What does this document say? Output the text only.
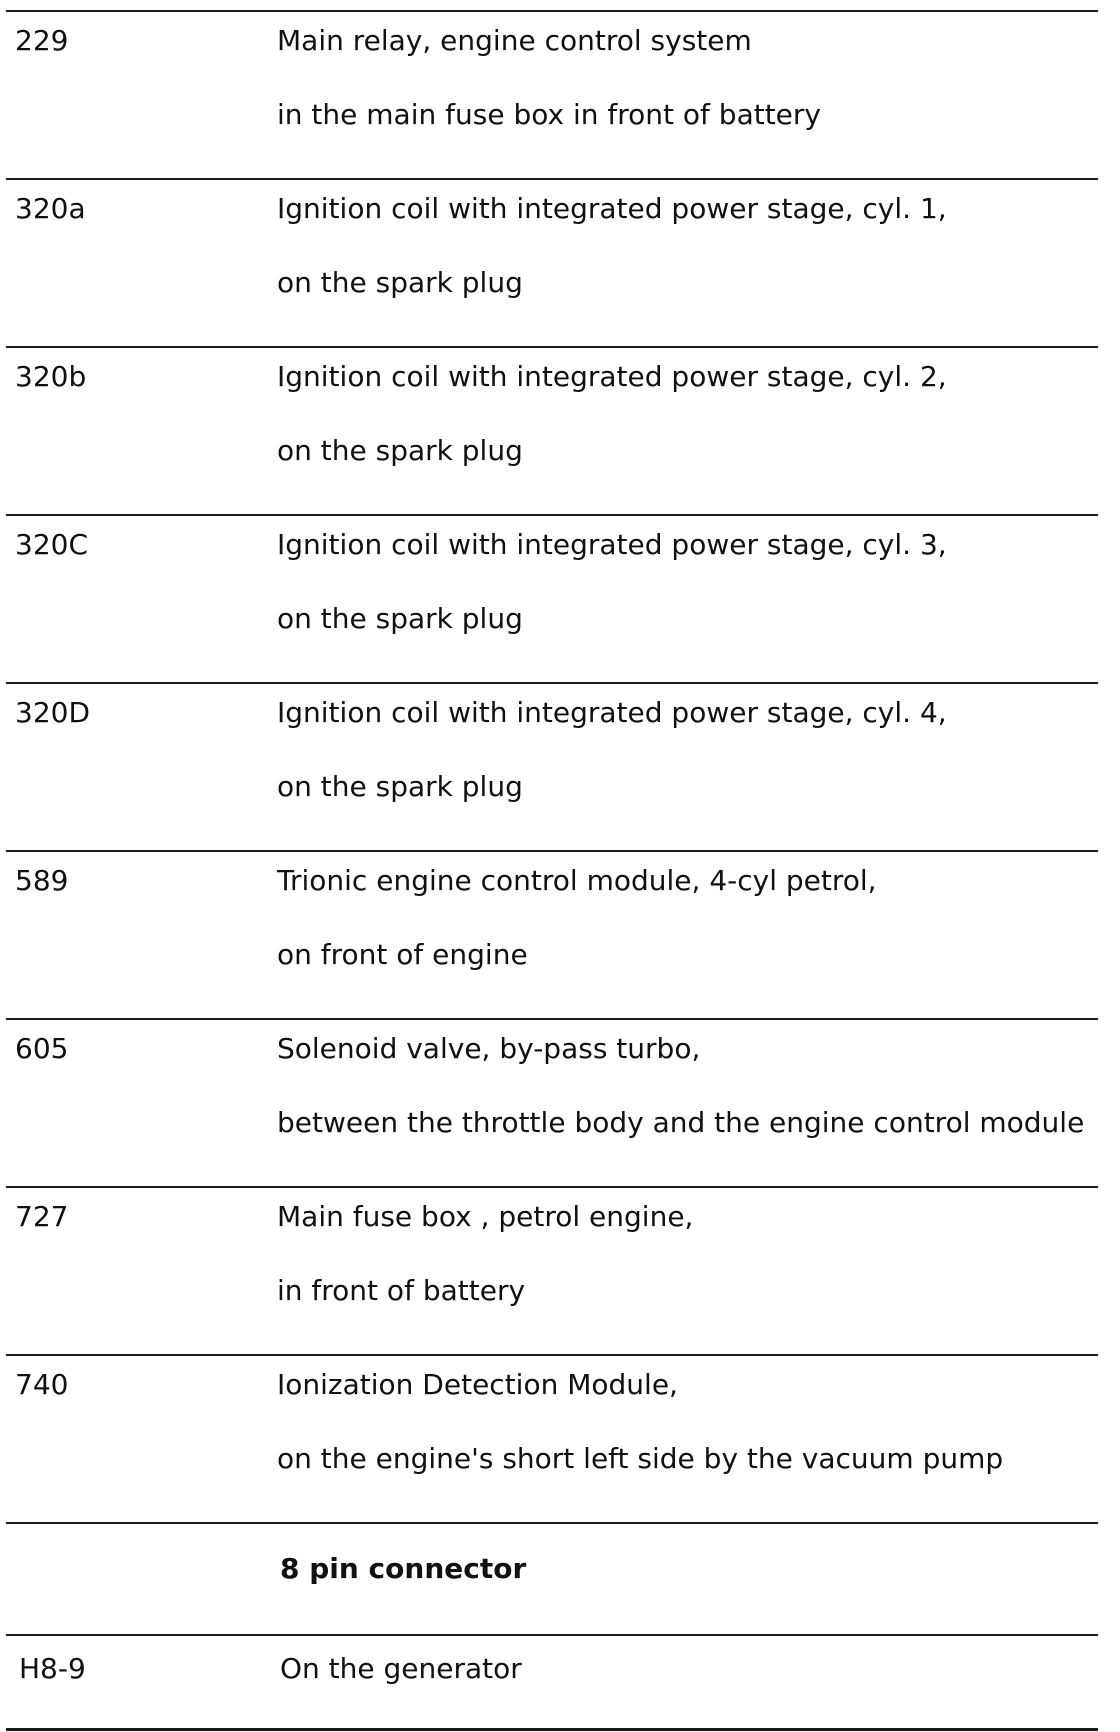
229	Main relay, engine control system
in the main fuse box in front of battery
320a	Ignition coil with integrated power stage, cyl. 1,
on the spark plug
320b	Ignition coil with integrated power stage, cyl. 2,
on the spark plug
320C	Ignition coil with integrated power stage, cyl. 3,
on the spark plug
320D	Ignition coil with integrated power stage, cyl. 4,
on the spark plug
589	Trionic engine control module, 4-cyl petrol,
on front of engine
605	Solenoid valve, by-pass turbo,
between the throttle body and the engine control module
727	Main fuse box , petrol engine,
in front of battery
740	Ionization Detection Module,
on the engine's short left side by the vacuum pump
8 pin connector
H8-9	On the generator
